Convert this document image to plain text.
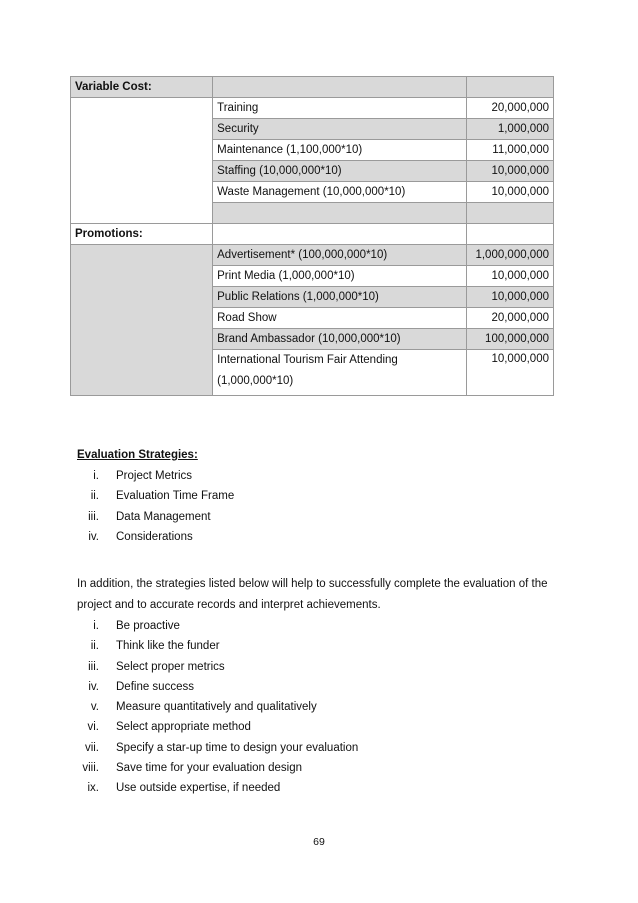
Variable Cost:		
	Training	20,000,000
	Security	1,000,000
	Maintenance (1,100,000*10)	11,000,000
	Staffing (10,000,000*10)	10,000,000
	Waste Management (10,000,000*10)	10,000,000

Promotions:		
	Advertisement* (100,000,000*10)	1,000,000,000
	Print Media (1,000,000*10)	10,000,000
	Public Relations (1,000,000*10)	10,000,000
	Road Show	20,000,000
	Brand Ambassador (10,000,000*10)	100,000,000
	International Tourism Fair Attending
(1,000,000*10)	10,000,000
Evaluation Strategies:
i. Project Metrics
ii. Evaluation Time Frame
iii. Data Management
iv. Considerations
In addition, the strategies listed below will help to successfully complete the evaluation of the
project and to accurate records and interpret achievements.
i. Be proactive
ii. Think like the funder
iii. Select proper metrics
iv. Define success
v. Measure quantitatively and qualitatively
vi. Select appropriate method
vii. Specify a star-up time to design your evaluation
viii. Save time for your evaluation design
ix. Use outside expertise, if needed
69
